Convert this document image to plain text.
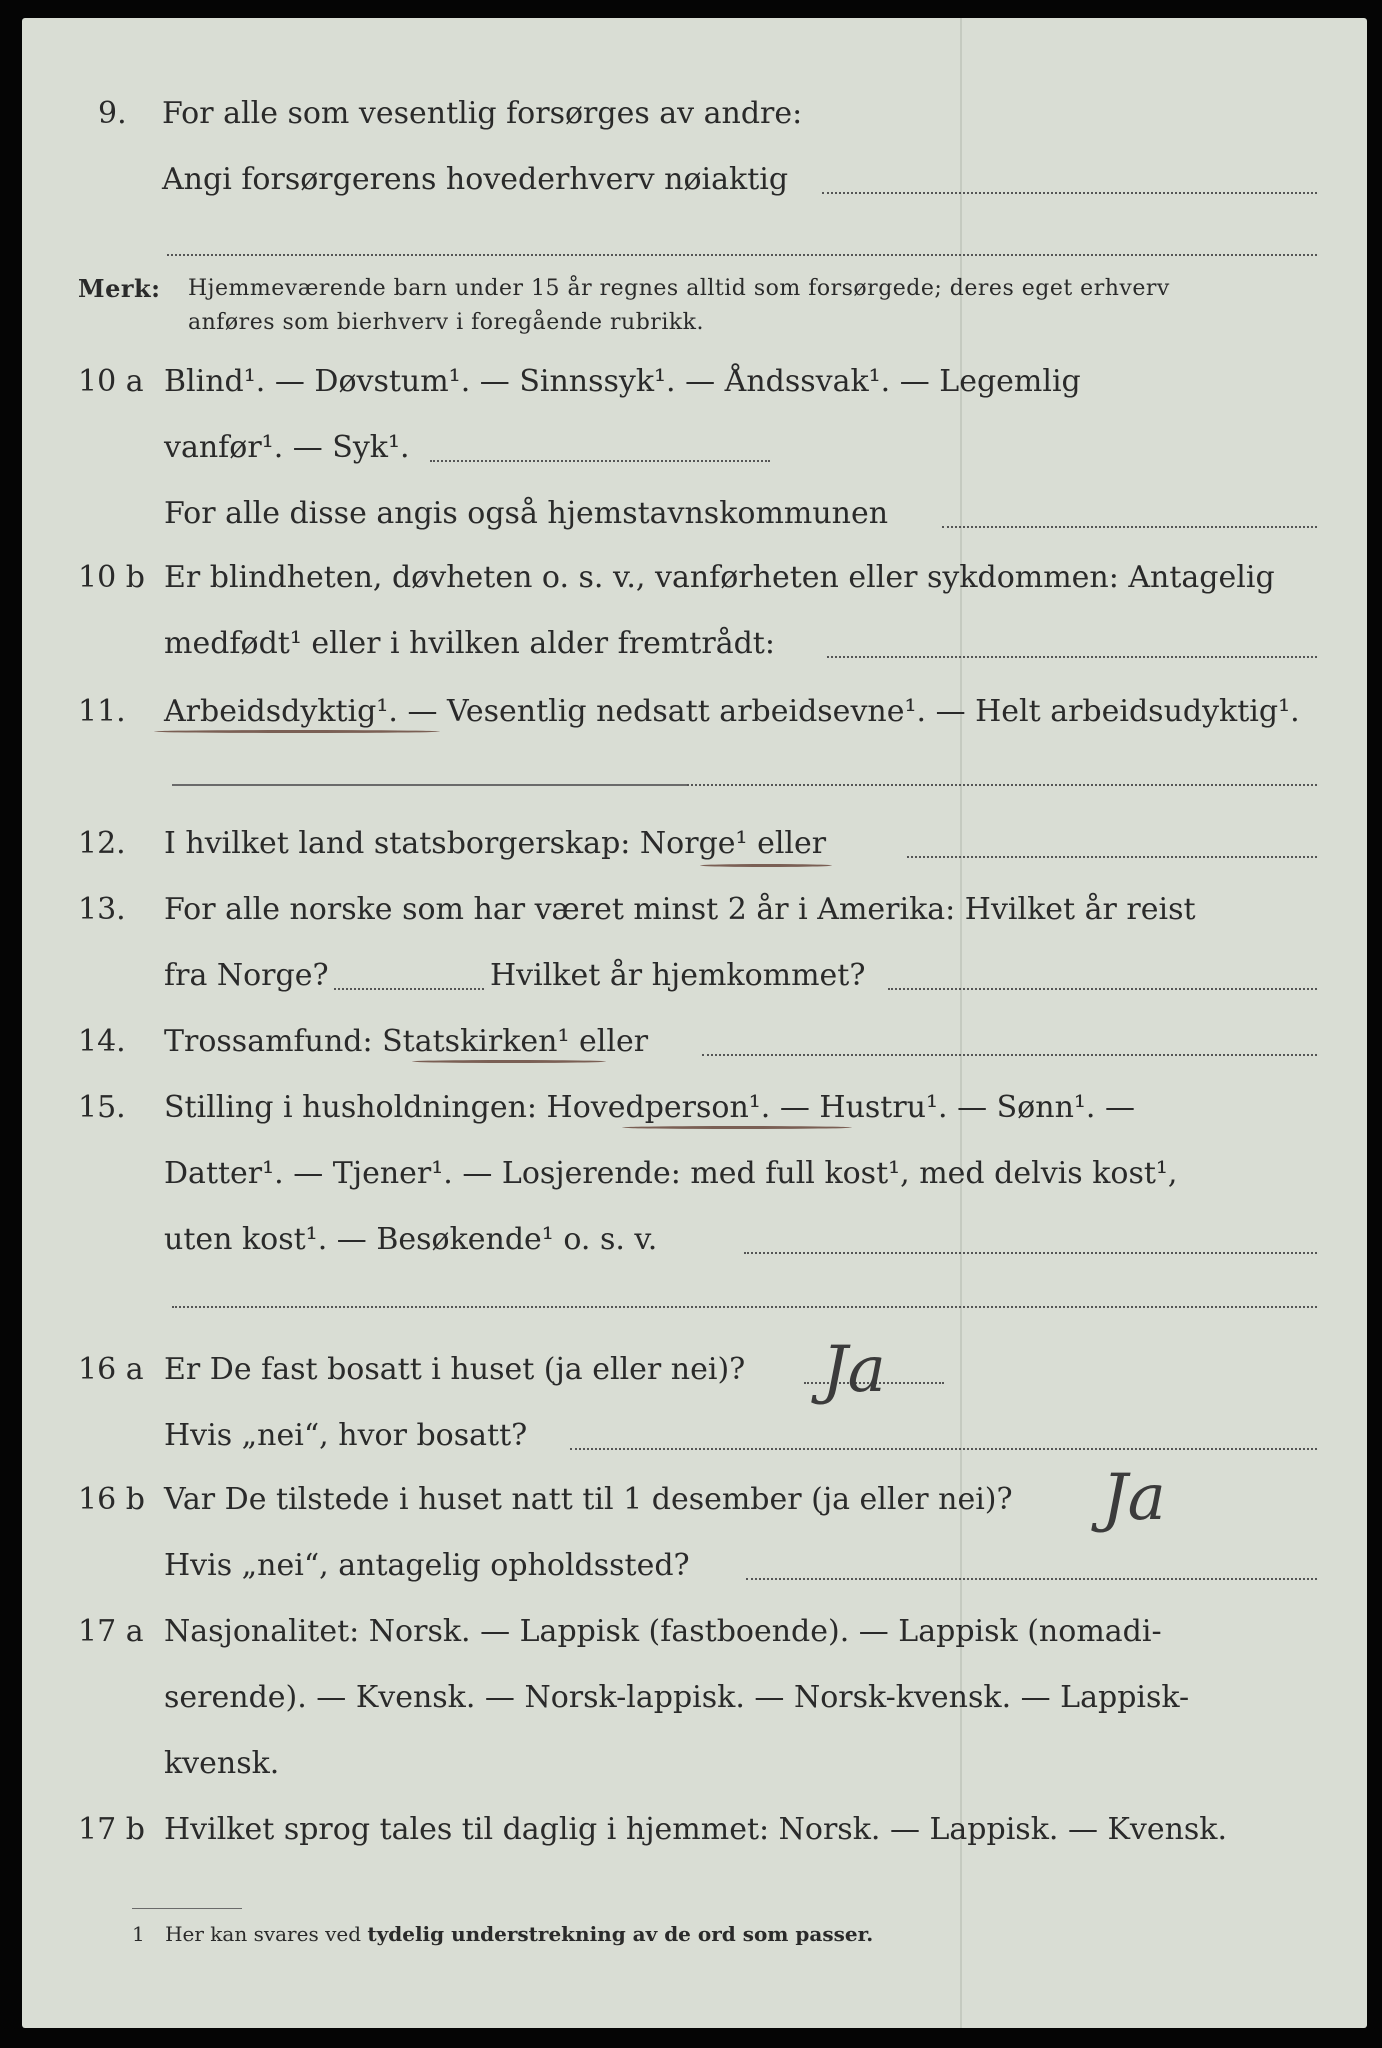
9.	For alle som vesentlig forsørges av andre:
Angi forsørgerens hovederhverv nøiaktig
Merk: Hjemmeværende barn under 15 år regnes alltid som forsørgede; deres eget erhverv
anføres som bierhverv i foregående rubrikk.
10 a Blind¹. — Døvstum¹. — Sinnssyk¹. — Åndssvak¹. — Legemlig
vanfør¹. — Syk¹.
For alle disse angis også hjemstavnskommunen
10 b Er blindheten, døvheten o. s. v., vanførheten eller sykdommen: Antagelig
medfødt¹ eller i hvilken alder fremtrådt:
11.	Arbeidsdyktig¹. — Vesentlig nedsatt arbeidsevne¹. — Helt arbeidsudyktig¹.
12.	I hvilket land statsborgerskap: Norge¹ eller
13.	For alle norske som har været minst 2 år i Amerika: Hvilket år reist
fra Norge?	Hvilket år hjemkommet?
14.	Trossamfund: Statskirken¹ eller
15.	Stilling i husholdningen: Hovedperson¹. — Hustru¹. — Sønn¹. —
Datter¹. — Tjener¹. — Losjerende: med full kost¹, med delvis kost¹,
uten kost¹. — Besøkende¹ o. s. v.
16 a Er De fast bosatt i huset (ja eller nei)? Ja
Hvis „nei“, hvor bosatt?
16 b Var De tilstede i huset natt til 1 desember (ja eller nei)? Ja
Hvis „nei“, antagelig opholdssted?
17 a Nasjonalitet: Norsk. — Lappisk (fastboende). — Lappisk (nomadi-
serende). — Kvensk. — Norsk-lappisk. — Norsk-kvensk. — Lappisk-
kvensk.
17 b Hvilket sprog tales til daglig i hjemmet: Norsk. — Lappisk. — Kvensk.
1 Her kan svares ved tydelig understrekning av de ord som passer.
